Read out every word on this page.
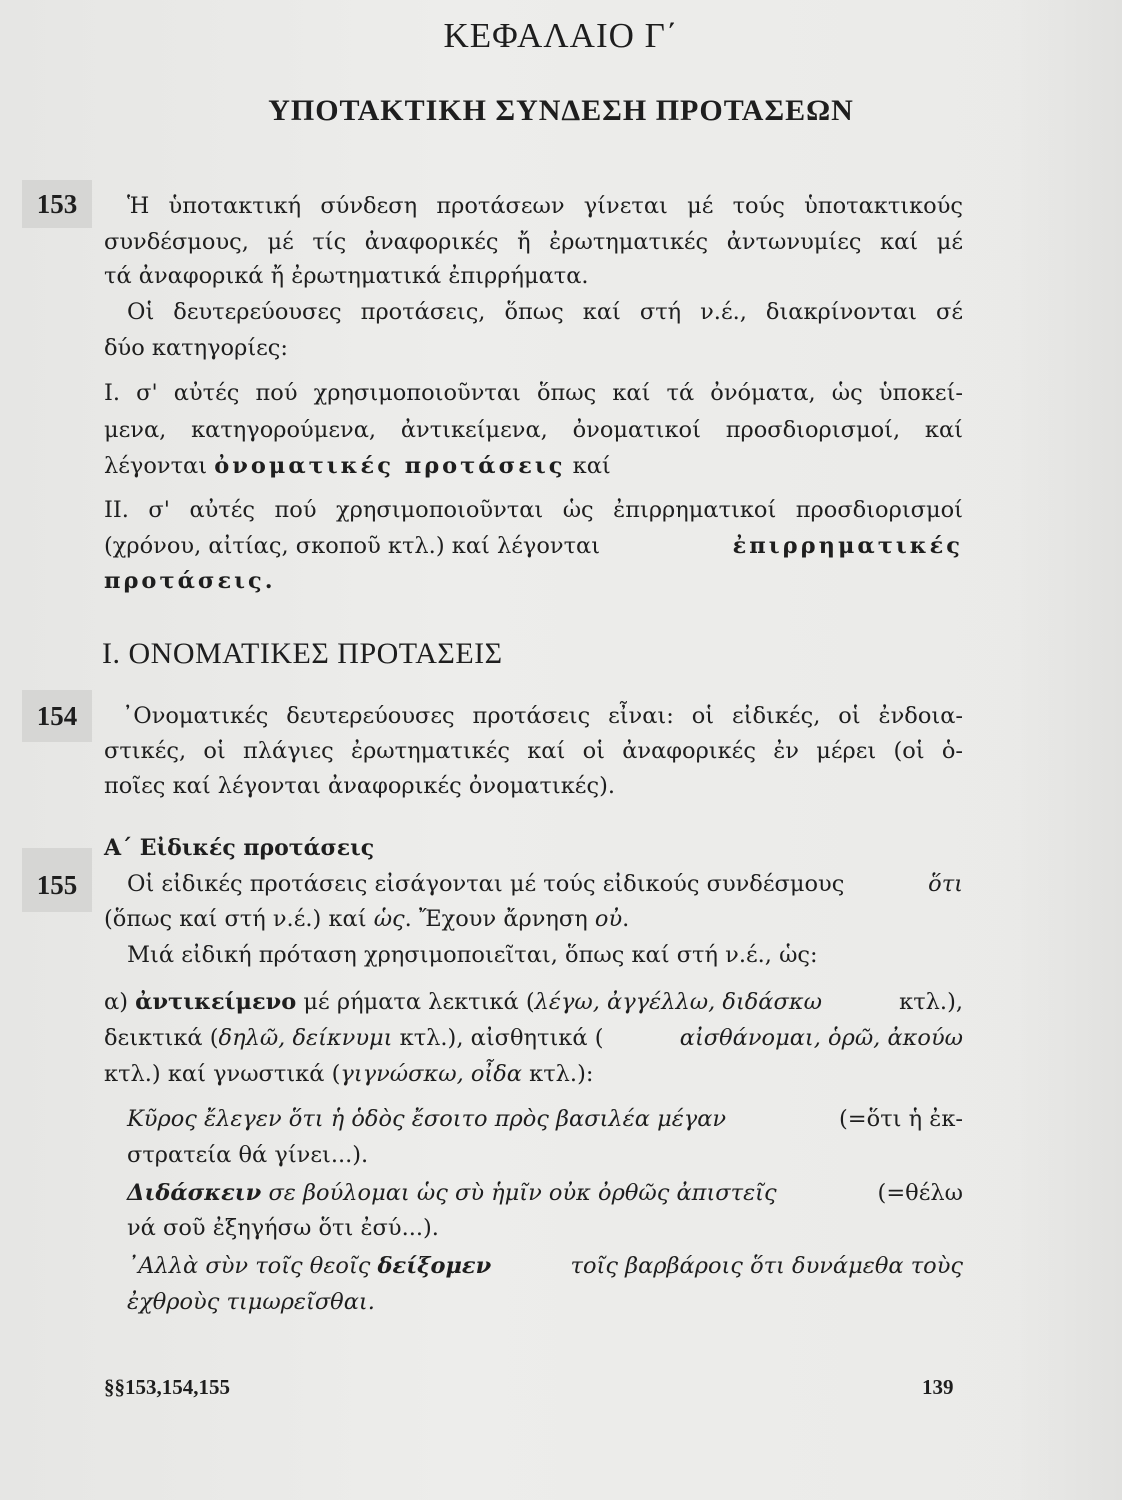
ΚΕΦΑΛΑΙΟ Γ΄
ΥΠΟΤΑΚΤΙΚΗ ΣΥΝΔΕΣΗ ΠΡΟΤΑΣΕΩΝ
153	Ἡ ὑποτακτική σύνδεση προτάσεων γίνεται μέ τούς ὑποτακτικούς
συνδέσμους, μέ τίς ἀναφορικές ἤ ἐρωτηματικές ἀντωνυμίες καί μέ
τά ἀναφορικά ἤ ἐρωτηματικά ἐπιρρήματα.
Οἱ δευτερεύουσες προτάσεις, ὅπως καί στή ν.έ., διακρίνονται σέ
δύο κατηγορίες:
Ι. σ' αὐτές πού χρησιμοποιοῦνται ὅπως καί τά ὀνόματα, ὡς ὑποκεί-
μενα, κατηγορούμενα, ἀντικείμενα, ὀνοματικοί προσδιορισμοί, καί
λέγονται ὀνοματικές προτάσεις καί
ΙΙ. σ' αὐτές πού χρησιμοποιοῦνται ὡς ἐπιρρηματικοί προσδιορισμοί
(χρόνου, αἰτίας, σκοποῦ κτλ.) καί λέγονται	ἐπιρρηματικές
προτάσεις.
Ι. ΟΝΟΜΑΤΙΚΕΣ ΠΡΟΤΑΣΕΙΣ
154	᾿Ονοματικές δευτερεύουσες προτάσεις εἶναι: οἱ εἰδικές, οἱ ἐνδοια-
στικές, οἱ πλάγιες ἐρωτηματικές καί οἱ ἀναφορικές ἐν μέρει (οἱ ὁ-
ποῖες καί λέγονται ἀναφορικές ὀνοματικές).
Α΄ Εἰδικές προτάσεις
155	Οἱ εἰδικές προτάσεις εἰσάγονται μέ τούς εἰδικούς συνδέσμους	ὅτι
(ὅπως καί στή ν.έ.) καί ὡς. Ἔχουν ἄρνηση οὐ.
Μιά εἰδική πρόταση χρησιμοποιεῖται, ὅπως καί στή ν.έ., ὡς:
α) ἀντικείμενο μέ ρήματα λεκτικά (λέγω, ἀγγέλλω, διδάσκω	κτλ.),
δεικτικά (δηλῶ, δείκνυμι κτλ.), αἰσθητικά (	αἰσθάνομαι, ὁρῶ, ἀκούω
κτλ.) καί γνωστικά (γιγνώσκω, οἶδα κτλ.):
Κῦρος ἔλεγεν ὅτι ἡ ὁδὸς ἔσοιτο πρὸς βασιλέα μέγαν	(=ὅτι ἡ ἐκ-
στρατεία θά γίνει...).
Διδάσκειν σε βούλομαι ὡς σὺ ἡμῖν οὐκ ὀρθῶς ἀπιστεῖς	(=θέλω
νά σοῦ ἐξηγήσω ὅτι ἐσύ...).
᾿Αλλὰ σὺν τοῖς θεοῖς δείξομεν	τοῖς βαρβάροις ὅτι δυνάμεθα τοὺς
ἐχθροὺς τιμωρεῖσθαι.
§§153,154,155	139
